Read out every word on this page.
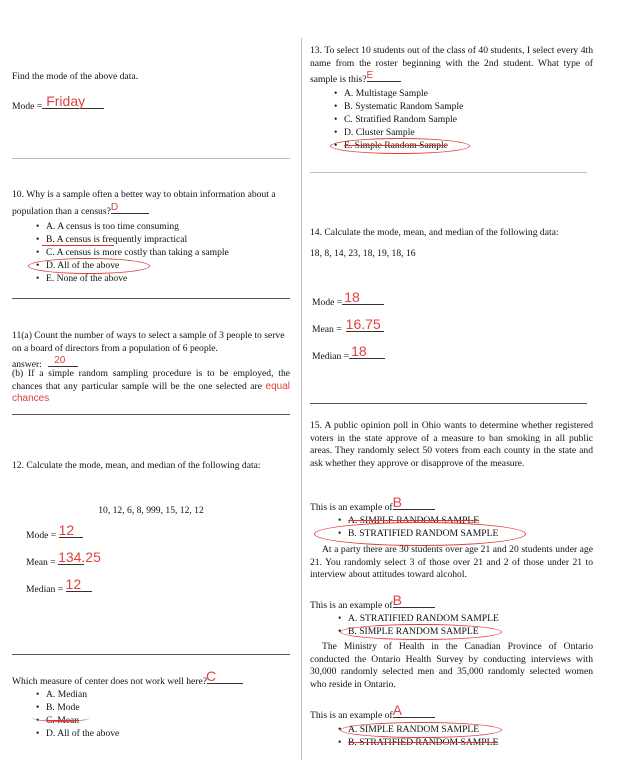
Find the mode of the above data.

Mode = Friday

10. Why is a sample often a better way to obtain information about a population than a census? D

• A. A census is too time consuming
• B. A census is frequently impractical
• C. A census is more costly than taking a sample
• D. All of the above
• E. None of the above

11(a) Count the number of ways to select a sample of 3 people to serve on a board of directors from a population of 6 people.

answer: 20

(b) If a simple random sampling procedure is to be employed, the chances that any particular sample will be the one selected are equal chances

12. Calculate the mode, mean, and median of the following data:

10, 12, 6, 8, 999, 15, 12, 12

Mode = 12
Mean = 134.25
Median = 12

Which measure of center does not work well here? C

• A. Median
• B. Mode
• C. Mean
• D. All of the above

13. To select 10 students out of the class of 40 students, I select every 4th name from the roster beginning with the 2nd student. What type of sample is this? E

• A. Multistage Sample
• B. Systematic Random Sample
• C. Stratified Random Sample
• D. Cluster Sample
• E. Simple Random Sample

14. Calculate the mode, mean, and median of the following data:

18, 8, 14, 23, 18, 19, 18, 16

Mode = 18
Mean = 16.75
Median = 18

15. A public opinion poll in Ohio wants to determine whether registered voters in the state approve of a measure to ban smoking in all public areas. They randomly select 50 voters from each county in the state and ask whether they approve or disapprove of the measure.

This is an example of B
• A. SIMPLE RANDOM SAMPLE
• B. STRATIFIED RANDOM SAMPLE

At a party there are 30 students over age 21 and 20 students under age 21. You randomly select 3 of those over 21 and 2 of those under 21 to interview about attitudes toward alcohol.

This is an example of B
• A. STRATIFIED RANDOM SAMPLE
• B. SIMPLE RANDOM SAMPLE

The Ministry of Health in the Canadian Province of Ontario conducted the Ontario Health Survey by conducting interviews with 30,000 randomly selected men and 35,000 randomly selected women who reside in Ontario.

This is an example of A
• A. SIMPLE RANDOM SAMPLE
• B. STRATIFIED RANDOM SAMPLE
